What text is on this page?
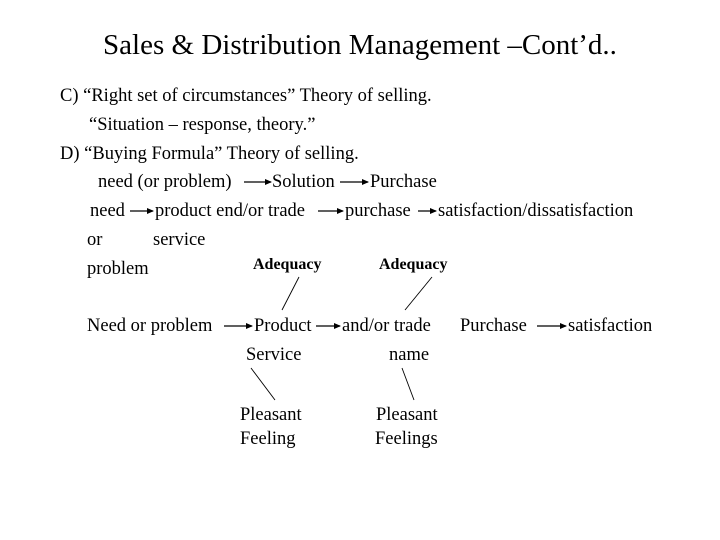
Sales & Distribution Management –Cont’d..
C) “Right set of circumstances” Theory of selling.
“Situation – response, theory.”
D) “Buying Formula” Theory of selling.
need (or problem) Solution Purchase
need product end/or trade purchase satisfaction/dissatisfaction
or	service
problem	Adequacy	Adequacy
Need or problem Product and/or trade Purchase satisfaction
Service	name
Pleasant
Feeling
Pleasant
Feelings
